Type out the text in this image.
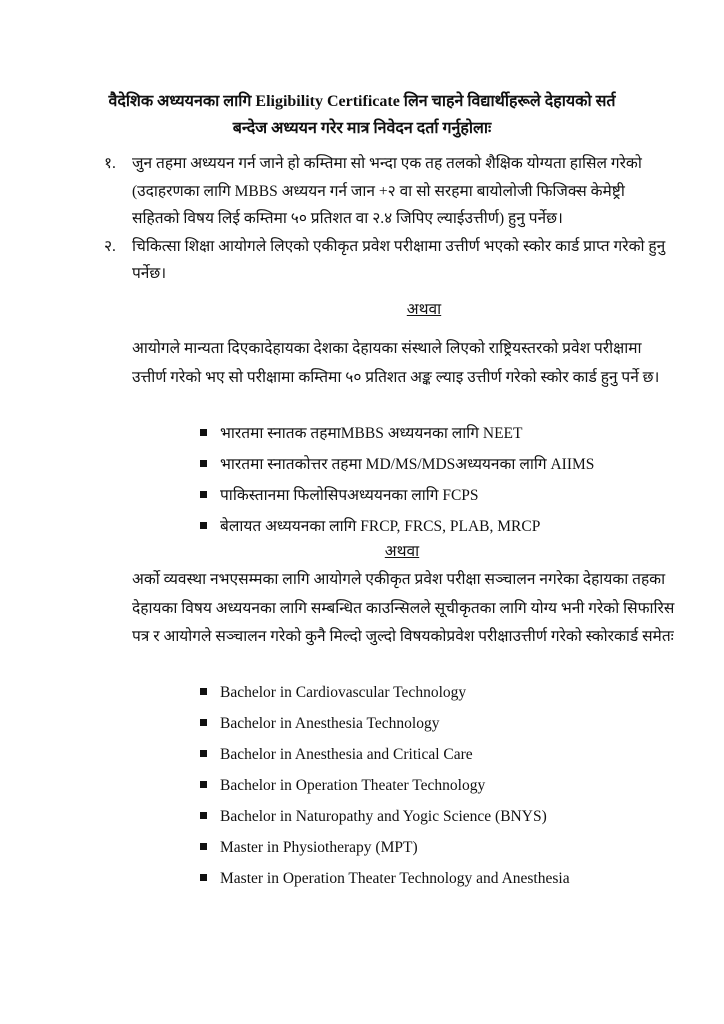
वैदेशिक अध्ययनका लागि Eligibility Certificate लिन चाहने विद्यार्थीहरूले देहायको सर्त
बन्देज अध्ययन गरेर मात्र निवेदन दर्ता गर्नुहोलाः
१. जुन तहमा अध्ययन गर्न जाने हो कम्तिमा सो भन्दा एक तह तलको शैक्षिक योग्यता हासिल गरेको (उदाहरणका लागि MBBS अध्ययन गर्न जान +२ वा सो सरहमा बायोलोजी फिजिक्स केमेष्ट्री सहितको विषय लिई कम्तिमा ५० प्रतिशत वा २.४ जिपिए ल्याईउत्तीर्ण) हुनु पर्नेछ।
२. चिकित्सा शिक्षा आयोगले लिएको एकीकृत प्रवेश परीक्षामा उत्तीर्ण भएको स्कोर कार्ड प्राप्त गरेको हुनु पर्नेछ।
अथवा

आयोगले मान्यता दिएकादेहायका देशका देहायका संस्थाले लिएको राष्ट्रियस्तरको प्रवेश परीक्षामा उत्तीर्ण गरेको भए सो परीक्षामा कम्तिमा ५० प्रतिशत अङ्क ल्याइ उत्तीर्ण गरेको स्कोर कार्ड हुनु पर्ने छ।

भारतमा स्नातक तहमाMBBS अध्ययनका लागि NEET
भारतमा स्नातकोत्तर तहमा MD/MS/MDSअध्ययनका लागि AIIMS
पाकिस्तानमा फिलोसिपअध्ययनका लागि FCPS
बेलायत अध्ययनका लागि FRCP, FRCS, PLAB, MRCP
अथवा

अर्को व्यवस्था नभएसम्मका लागि आयोगले एकीकृत प्रवेश परीक्षा सञ्चालन नगरेका देहायका तहका देहायका विषय अध्ययनका लागि सम्बन्धित काउन्सिलले सूचीकृतका लागि योग्य भनी गरेको सिफारिस पत्र र आयोगले सञ्चालन गरेको कुनै मिल्दो जुल्दो विषयकोप्रवेश परीक्षाउत्तीर्ण गरेको स्कोरकार्ड समेतः

Bachelor in Cardiovascular Technology
Bachelor in Anesthesia Technology
Bachelor in Anesthesia and Critical Care
Bachelor in Operation Theater Technology
Bachelor in Naturopathy and Yogic Science (BNYS)
Master in Physiotherapy (MPT)
Master in Operation Theater Technology and Anesthesia
